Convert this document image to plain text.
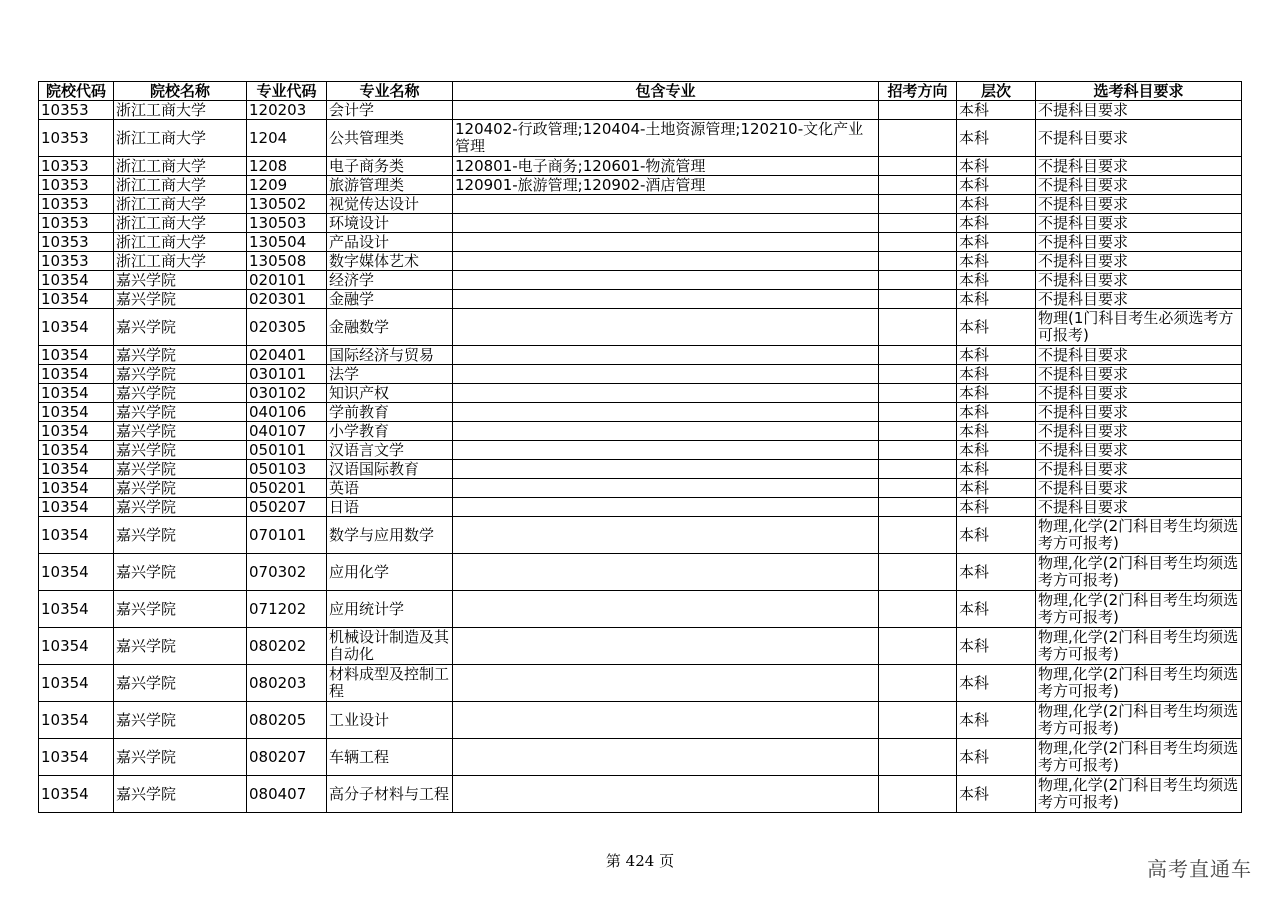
院校代码	院校名称	专业代码	专业名称	包含专业	招考方向	层次	选考科目要求
10353	浙江工商大学	120203	会计学			本科	不提科目要求
10353	浙江工商大学	1204	公共管理类	120402-行政管理;120404-土地资源管理;120210-文化产业管理		本科	不提科目要求
10353	浙江工商大学	1208	电子商务类	120801-电子商务;120601-物流管理		本科	不提科目要求
10353	浙江工商大学	1209	旅游管理类	120901-旅游管理;120902-酒店管理		本科	不提科目要求
10353	浙江工商大学	130502	视觉传达设计			本科	不提科目要求
10353	浙江工商大学	130503	环境设计			本科	不提科目要求
10353	浙江工商大学	130504	产品设计			本科	不提科目要求
10353	浙江工商大学	130508	数字媒体艺术			本科	不提科目要求
10354	嘉兴学院	020101	经济学			本科	不提科目要求
10354	嘉兴学院	020301	金融学			本科	不提科目要求
10354	嘉兴学院	020305	金融数学			本科	物理(1门科目考生必须选考方可报考)
10354	嘉兴学院	020401	国际经济与贸易			本科	不提科目要求
10354	嘉兴学院	030101	法学			本科	不提科目要求
10354	嘉兴学院	030102	知识产权			本科	不提科目要求
10354	嘉兴学院	040106	学前教育			本科	不提科目要求
10354	嘉兴学院	040107	小学教育			本科	不提科目要求
10354	嘉兴学院	050101	汉语言文学			本科	不提科目要求
10354	嘉兴学院	050103	汉语国际教育			本科	不提科目要求
10354	嘉兴学院	050201	英语			本科	不提科目要求
10354	嘉兴学院	050207	日语			本科	不提科目要求
10354	嘉兴学院	070101	数学与应用数学			本科	物理,化学(2门科目考生均须选考方可报考)
10354	嘉兴学院	070302	应用化学			本科	物理,化学(2门科目考生均须选考方可报考)
10354	嘉兴学院	071202	应用统计学			本科	物理,化学(2门科目考生均须选考方可报考)
10354	嘉兴学院	080202	机械设计制造及其自动化			本科	物理,化学(2门科目考生均须选考方可报考)
10354	嘉兴学院	080203	材料成型及控制工程			本科	物理,化学(2门科目考生均须选考方可报考)
10354	嘉兴学院	080205	工业设计			本科	物理,化学(2门科目考生均须选考方可报考)
10354	嘉兴学院	080207	车辆工程			本科	物理,化学(2门科目考生均须选考方可报考)
10354	嘉兴学院	080407	高分子材料与工程			本科	物理,化学(2门科目考生均须选考方可报考)
第 424 页	高考直通车
